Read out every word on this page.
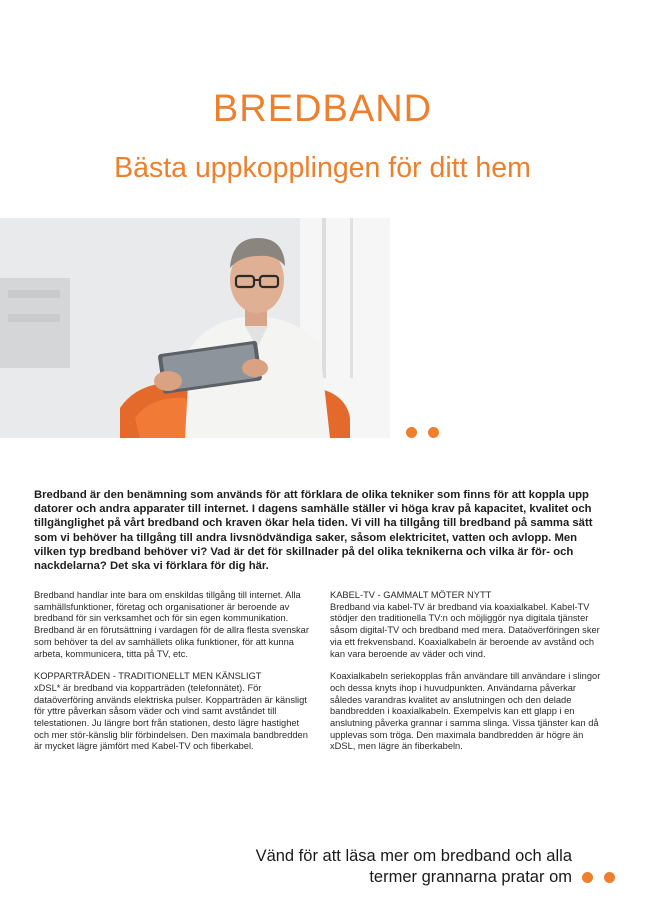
BREDBAND
Bästa uppkopplingen för ditt hem

Bredband är den benämning som används för att förklara de olika tekniker som finns för att koppla upp datorer och andra apparater till internet. I dagens samhälle ställer vi höga krav på kapacitet, kvalitet och tillgänglighet på vårt bredband och kraven ökar hela tiden. Vi vill ha tillgång till bredband på samma sätt som vi behöver ha tillgång till andra livsnödvändiga saker, såsom elektricitet, vatten och avlopp. Men vilken typ bredband behöver vi? Vad är det för skillnader på del olika teknikerna och vilka är för- och nackdelarna? Det ska vi förklara för dig här.

Bredband handlar inte bara om enskildas tillgång till internet. Alla samhällsfunktioner, företag och organisationer är beroende av bredband för sin verksamhet och för sin egen kommunikation. Bredband är en förutsättning i vardagen för de allra flesta svenskar som behöver ta del av samhällets olika funktioner, för att kunna arbeta, kommunicera, titta på TV, etc.

KOPPARTRÅDEN - TRADITIONELLT MEN KÄNSLIGT

xDSL* är bredband via kopparträden (telefonnätet). För dataöverföring används elektriska pulser. Kopparträden är känsligt för yttre påverkan såsom väder och vind samt avståndet till telestationen. Ju längre bort från stationen, desto lägre hastighet och mer stör-känslig blir förbindelsen. Den maximala bandbredden är mycket lägre jämfört med Kabel-TV och fiberkabel.

KABEL-TV - GAMMALT MÖTER NYTT

Bredband via kabel-TV är bredband via koaxialkabel. Kabel-TV stödjer den traditionella TV:n och möjliggör nya digitala tjänster såsom digital-TV och bredband med mera. Dataöverföringen sker via ett frekvensband. Koaxialkabeln är beroende av avstånd och kan vara beroende av väder och vind.

Koaxialkabeln seriekopplas från användare till användare i slingor och dessa knyts ihop i huvudpunkten. Användarna påverkar således varandras kvalitet av anslutningen och den delade bandbredden i koaxialkabeln. Exempelvis kan ett glapp i en anslutning påverka grannar i samma slinga. Vissa tjänster kan då upplevas som tröga. Den maximala bandbredden är högre än xDSL, men lägre än fiberkabeln.

Vänd för att läsa mer om bredband och alla
termer grannarna pratar om
